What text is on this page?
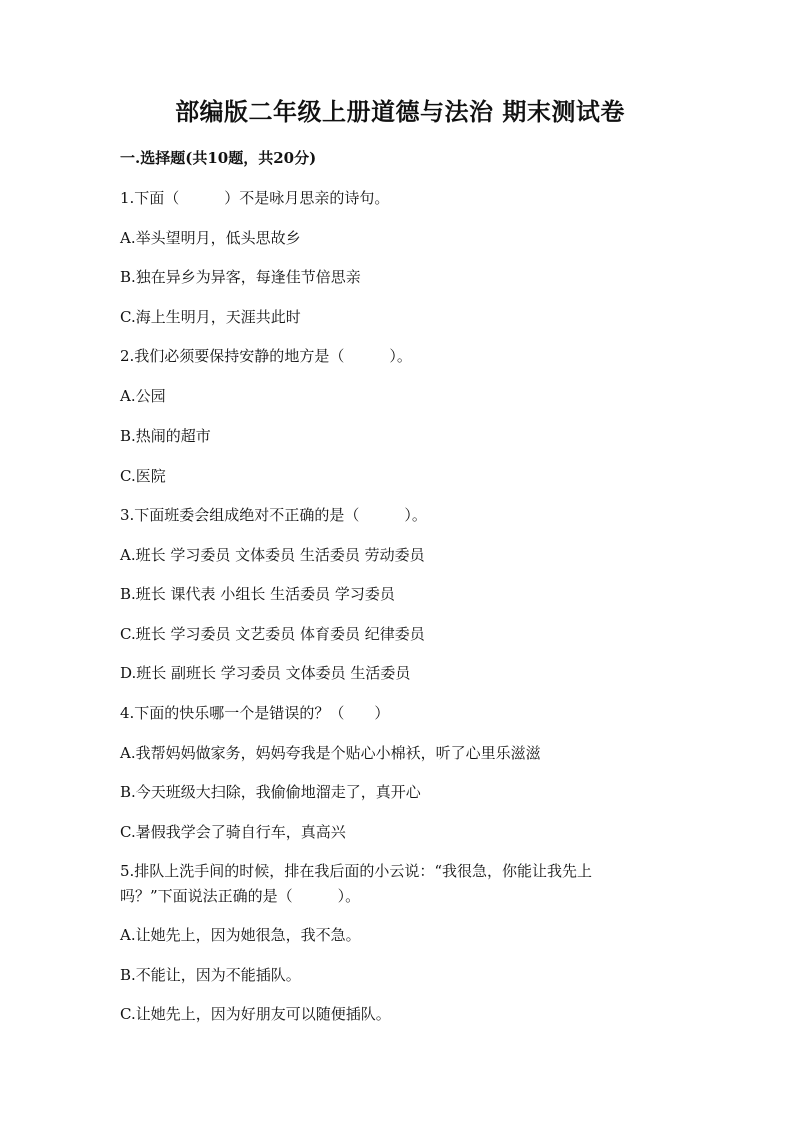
部编版二年级上册道德与法治 期末测试卷
一.选择题(共10题，共20分)
1.下面（　　　）不是咏月思亲的诗句。
A.举头望明月，低头思故乡
B.独在异乡为异客，每逢佳节倍思亲
C.海上生明月，天涯共此时
2.我们必须要保持安静的地方是（　　　）。
A.公园
B.热闹的超市
C.医院
3.下面班委会组成绝对不正确的是（　　　）。
A.班长 学习委员 文体委员 生活委员 劳动委员
B.班长 课代表 小组长 生活委员 学习委员
C.班长 学习委员 文艺委员 体育委员 纪律委员
D.班长 副班长 学习委员 文体委员 生活委员
4.下面的快乐哪一个是错误的？（　　）
A.我帮妈妈做家务，妈妈夸我是个贴心小棉袄，听了心里乐滋滋
B.今天班级大扫除，我偷偷地溜走了，真开心
C.暑假我学会了骑自行车，真高兴
5.排队上洗手间的时候，排在我后面的小云说：“我很急，你能让我先上
吗？”下面说法正确的是（　　　）。
A.让她先上，因为她很急，我不急。
B.不能让，因为不能插队。
C.让她先上，因为好朋友可以随便插队。
